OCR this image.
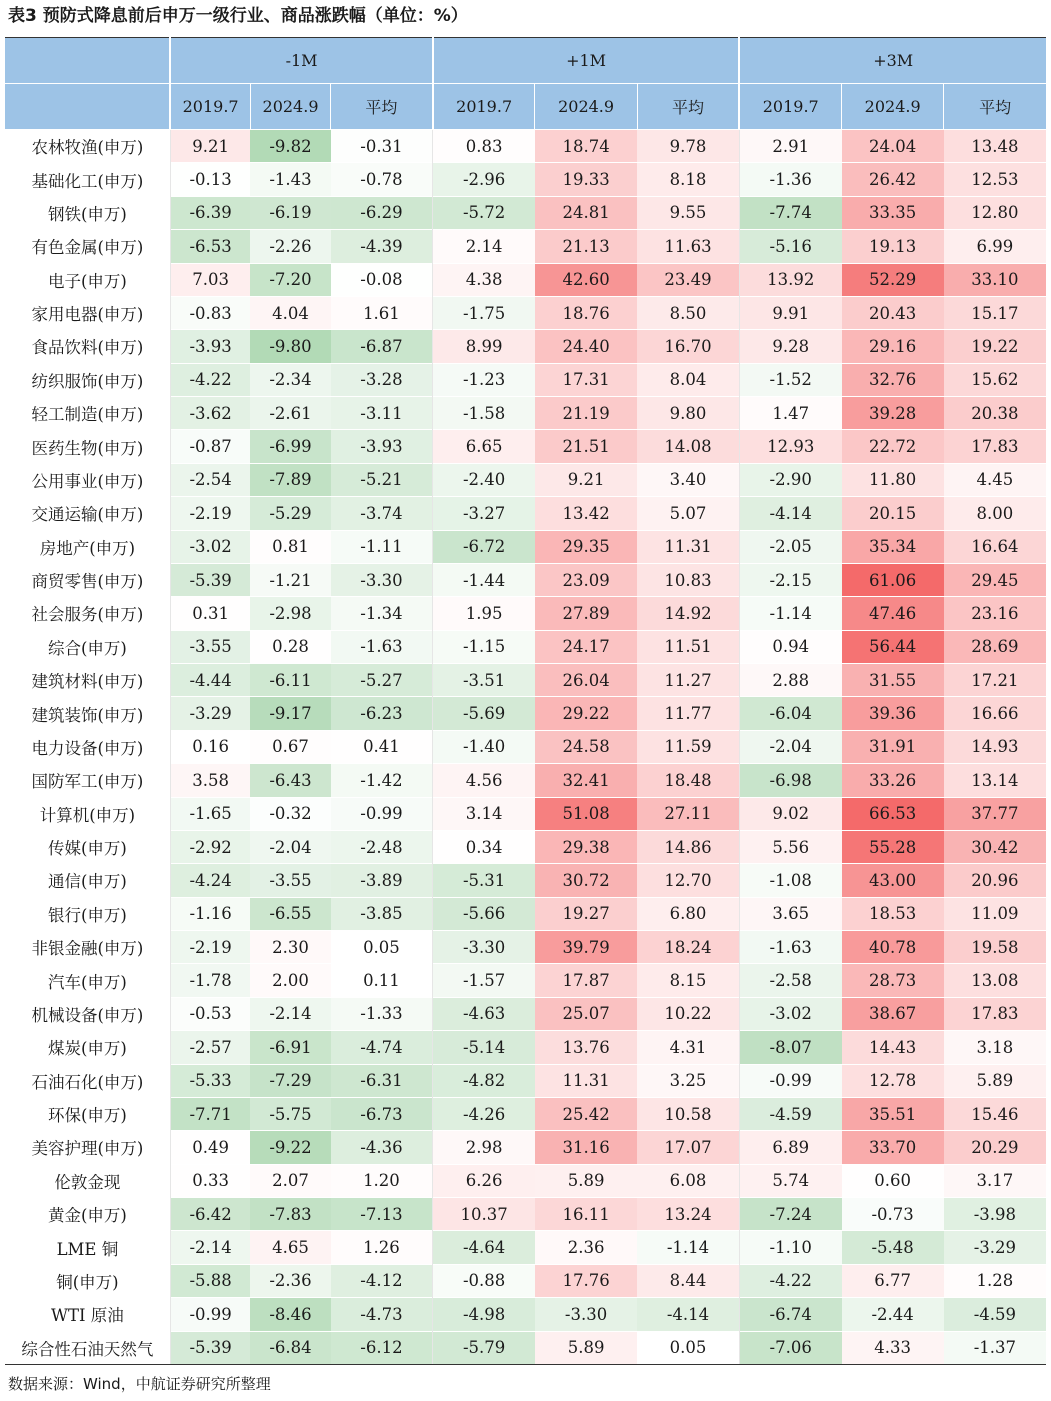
表3 预防式降息前后申万一级行业、商品涨跌幅（单位：%）
	-1M			+1M			+3M		
	2019.7	2024.9	平均	2019.7	2024.9	平均	2019.7	2024.9	平均
农林牧渔(申万)	9.21	-9.82	-0.31	0.83	18.74	9.78	2.91	24.04	13.48
基础化工(申万)	-0.13	-1.43	-0.78	-2.96	19.33	8.18	-1.36	26.42	12.53
钢铁(申万)	-6.39	-6.19	-6.29	-5.72	24.81	9.55	-7.74	33.35	12.80
有色金属(申万)	-6.53	-2.26	-4.39	2.14	21.13	11.63	-5.16	19.13	6.99
电子(申万)	7.03	-7.20	-0.08	4.38	42.60	23.49	13.92	52.29	33.10
家用电器(申万)	-0.83	4.04	1.61	-1.75	18.76	8.50	9.91	20.43	15.17
食品饮料(申万)	-3.93	-9.80	-6.87	8.99	24.40	16.70	9.28	29.16	19.22
纺织服饰(申万)	-4.22	-2.34	-3.28	-1.23	17.31	8.04	-1.52	32.76	15.62
轻工制造(申万)	-3.62	-2.61	-3.11	-1.58	21.19	9.80	1.47	39.28	20.38
医药生物(申万)	-0.87	-6.99	-3.93	6.65	21.51	14.08	12.93	22.72	17.83
公用事业(申万)	-2.54	-7.89	-5.21	-2.40	9.21	3.40	-2.90	11.80	4.45
交通运输(申万)	-2.19	-5.29	-3.74	-3.27	13.42	5.07	-4.14	20.15	8.00
房地产(申万)	-3.02	0.81	-1.11	-6.72	29.35	11.31	-2.05	35.34	16.64
商贸零售(申万)	-5.39	-1.21	-3.30	-1.44	23.09	10.83	-2.15	61.06	29.45
社会服务(申万)	0.31	-2.98	-1.34	1.95	27.89	14.92	-1.14	47.46	23.16
综合(申万)	-3.55	0.28	-1.63	-1.15	24.17	11.51	0.94	56.44	28.69
建筑材料(申万)	-4.44	-6.11	-5.27	-3.51	26.04	11.27	2.88	31.55	17.21
建筑装饰(申万)	-3.29	-9.17	-6.23	-5.69	29.22	11.77	-6.04	39.36	16.66
电力设备(申万)	0.16	0.67	0.41	-1.40	24.58	11.59	-2.04	31.91	14.93
国防军工(申万)	3.58	-6.43	-1.42	4.56	32.41	18.48	-6.98	33.26	13.14
计算机(申万)	-1.65	-0.32	-0.99	3.14	51.08	27.11	9.02	66.53	37.77
传媒(申万)	-2.92	-2.04	-2.48	0.34	29.38	14.86	5.56	55.28	30.42
通信(申万)	-4.24	-3.55	-3.89	-5.31	30.72	12.70	-1.08	43.00	20.96
银行(申万)	-1.16	-6.55	-3.85	-5.66	19.27	6.80	3.65	18.53	11.09
非银金融(申万)	-2.19	2.30	0.05	-3.30	39.79	18.24	-1.63	40.78	19.58
汽车(申万)	-1.78	2.00	0.11	-1.57	17.87	8.15	-2.58	28.73	13.08
机械设备(申万)	-0.53	-2.14	-1.33	-4.63	25.07	10.22	-3.02	38.67	17.83
煤炭(申万)	-2.57	-6.91	-4.74	-5.14	13.76	4.31	-8.07	14.43	3.18
石油石化(申万)	-5.33	-7.29	-6.31	-4.82	11.31	3.25	-0.99	12.78	5.89
环保(申万)	-7.71	-5.75	-6.73	-4.26	25.42	10.58	-4.59	35.51	15.46
美容护理(申万)	0.49	-9.22	-4.36	2.98	31.16	17.07	6.89	33.70	20.29
伦敦金现	0.33	2.07	1.20	6.26	5.89	6.08	5.74	0.60	3.17
黄金(申万)	-6.42	-7.83	-7.13	10.37	16.11	13.24	-7.24	-0.73	-3.98
LME 铜	-2.14	4.65	1.26	-4.64	2.36	-1.14	-1.10	-5.48	-3.29
铜(申万)	-5.88	-2.36	-4.12	-0.88	17.76	8.44	-4.22	6.77	1.28
WTI 原油	-0.99	-8.46	-4.73	-4.98	-3.30	-4.14	-6.74	-2.44	-4.59
综合性石油天然气	-5.39	-6.84	-6.12	-5.79	5.89	0.05	-7.06	4.33	-1.37
数据来源：Wind，中航证券研究所整理
